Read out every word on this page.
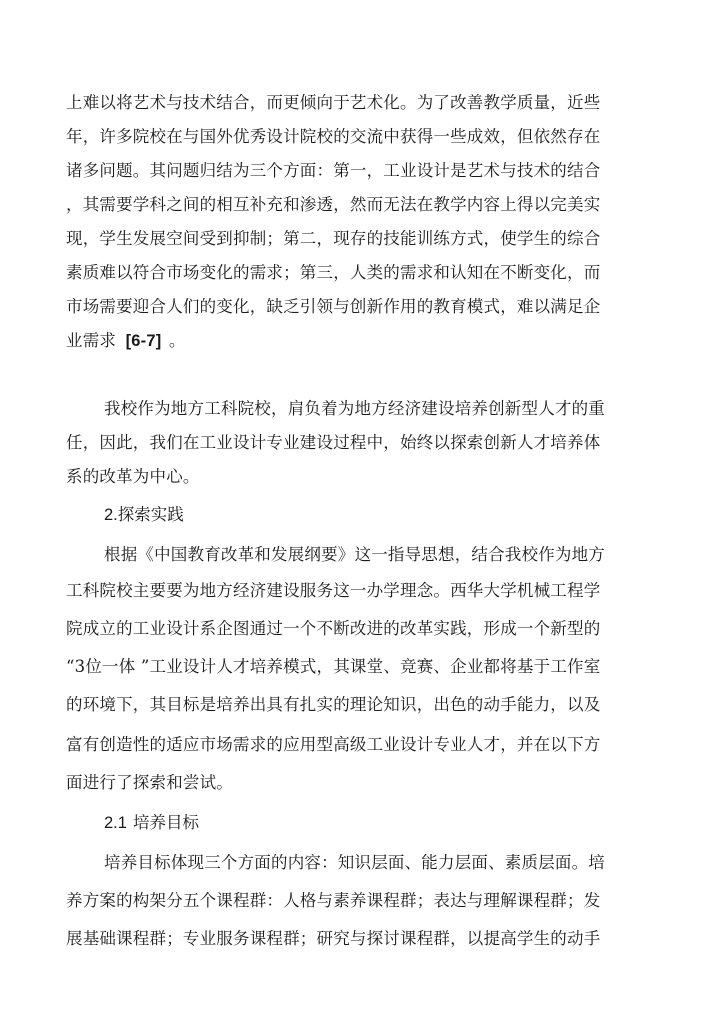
上难以将艺术与技术结合，而更倾向于艺术化。为了改善教学质量，近些
年，许多院校在与国外优秀设计院校的交流中获得一些成效，但依然存在
诸多问题。其问题归结为三个方面：第一，工业设计是艺术与技术的结合
，其需要学科之间的相互补充和渗透，然而无法在教学内容上得以完美实
现，学生发展空间受到抑制；第二，现存的技能训练方式，使学生的综合
素质难以符合市场变化的需求；第三，人类的需求和认知在不断变化，而
市场需要迎合人们的变化，缺乏引领与创新作用的教育模式，难以满足企
业需求 [6-7] 。
我校作为地方工科院校，肩负着为地方经济建设培养创新型人才的重
任，因此，我们在工业设计专业建设过程中，始终以探索创新人才培养体
系的改革为中心。
2.探索实践
根据《中国教育改革和发展纲要》这一指导思想，结合我校作为地方
工科院校主要要为地方经济建设服务这一办学理念。西华大学机械工程学
院成立的工业设计系企图通过一个不断改进的改革实践，形成一个新型的
“3位一体 ”工业设计人才培养模式，其课堂、竞赛、企业都将基于工作室
的环境下，其目标是培养出具有扎实的理论知识，出色的动手能力，以及
富有创造性的适应市场需求的应用型高级工业设计专业人才，并在以下方
面进行了探索和尝试。
2.1 培养目标
培养目标体现三个方面的内容：知识层面、能力层面、素质层面。培
养方案的构架分五个课程群：人格与素养课程群；表达与理解课程群；发
展基础课程群；专业服务课程群；研究与探讨课程群，以提高学生的动手
